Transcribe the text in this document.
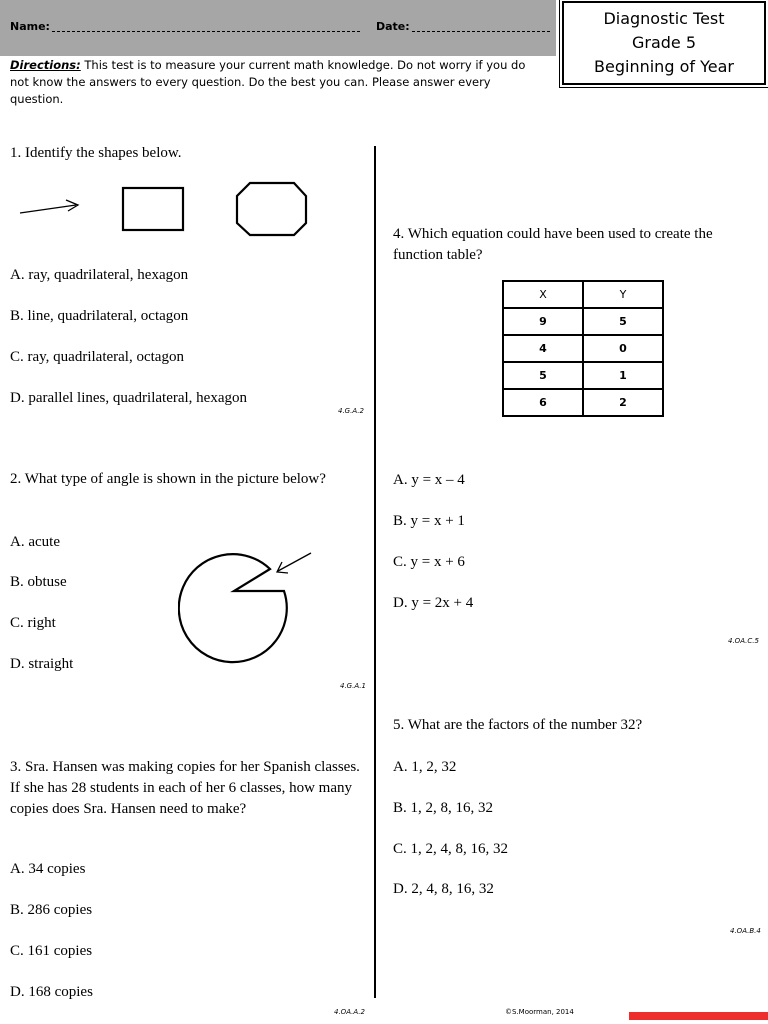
Name:	Date:	Diagnostic Test
Grade 5
Beginning of Year
Directions: This test is to measure your current math knowledge. Do not worry if you do not know the answers to every question. Do the best you can. Please answer every question.
1. Identify the shapes below.
A. ray, quadrilateral, hexagon
B. line, quadrilateral, octagon
C. ray, quadrilateral, octagon
D. parallel lines, quadrilateral, hexagon
4.G.A.2
2. What type of angle is shown in the picture below?
A. acute
B. obtuse
C. right
D. straight
4.G.A.1
3. Sra. Hansen was making copies for her Spanish classes. If she has 28 students in each of her 6 classes, how many copies does Sra. Hansen need to make?
A. 34 copies
B. 286 copies
C. 161 copies
D. 168 copies
4.OA.A.2
4. Which equation could have been used to create the function table?
X	Y
9	5
4	0
5	1
6	2
A. y = x – 4
B. y = x + 1
C. y = x + 6
D. y = 2x + 4
4.OA.C.5
5. What are the factors of the number 32?
A. 1, 2, 32
B. 1, 2, 8, 16, 32
C. 1, 2, 4, 8, 16, 32
D. 2, 4, 8, 16, 32
4.OA.B.4
©S.Moorman, 2014
